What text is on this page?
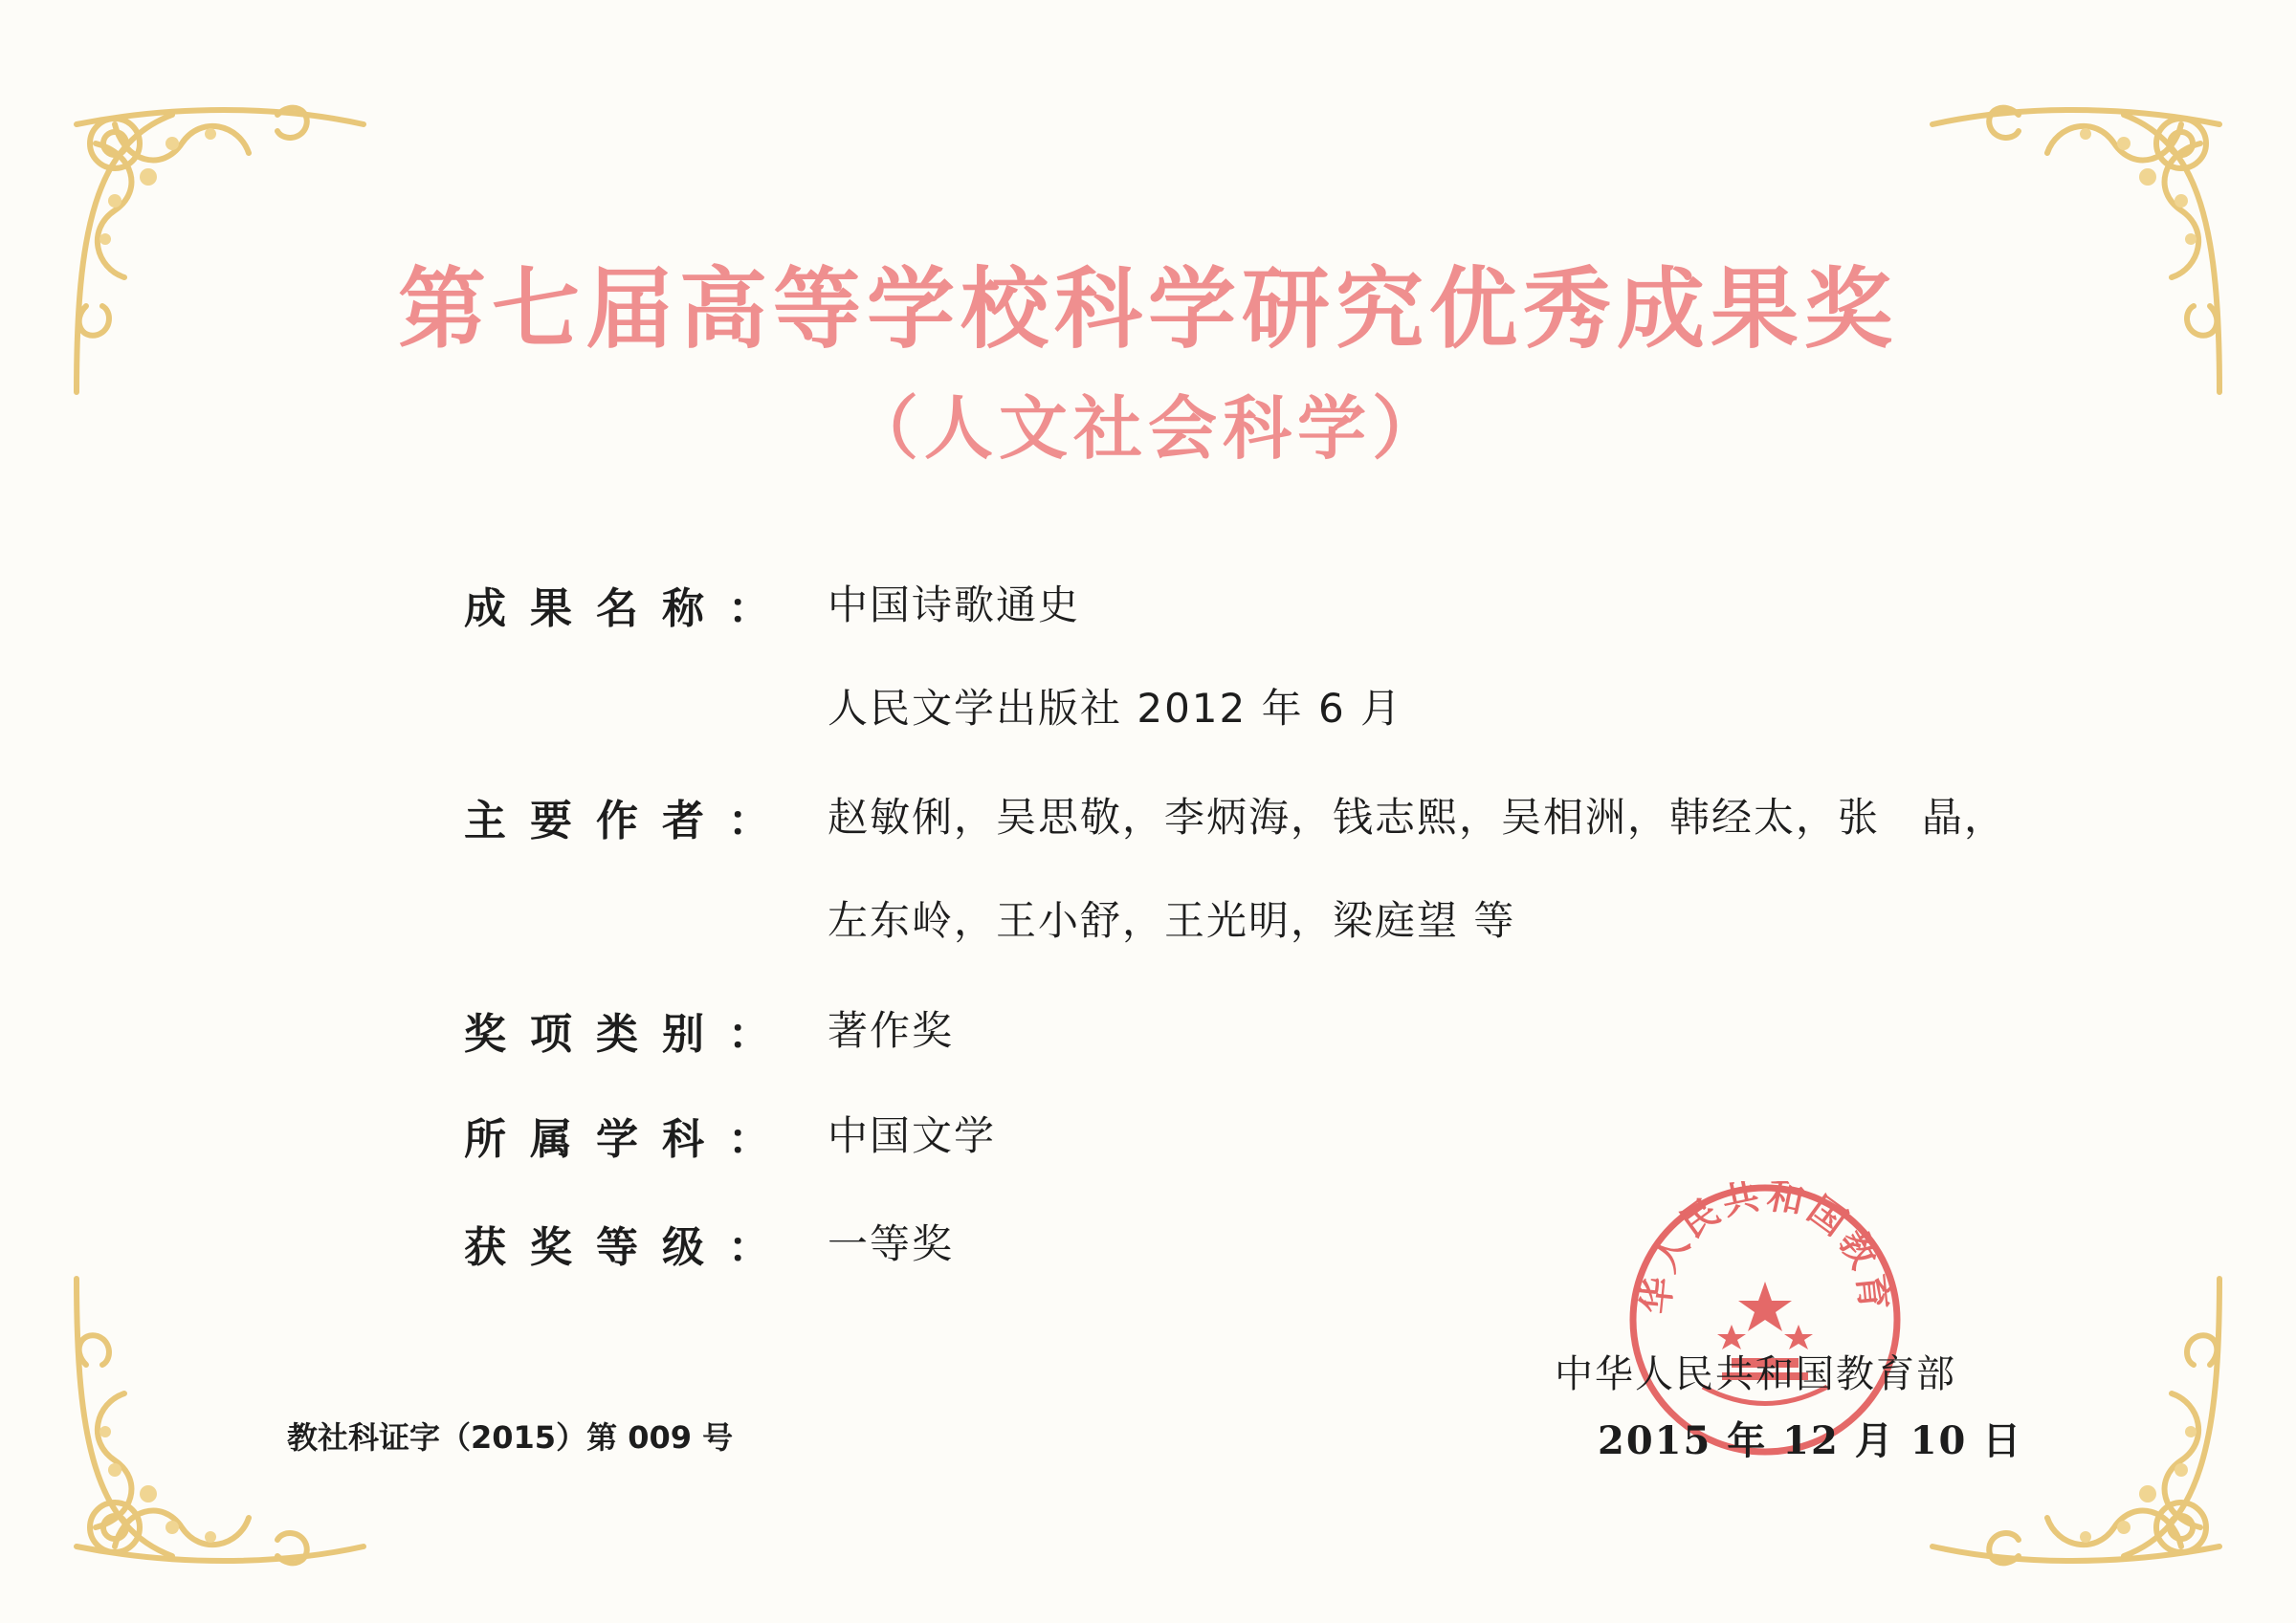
第七届高等学校科学研究优秀成果奖
（人文社会科学）
成 果 名 称 ： 中国诗歌通史
人民文学出版社 2012 年 6 月
主 要 作 者 ： 赵敏俐，吴思敬，李炳海，钱志熙，吴相洲，韩经太，张　晶，
左东岭，王小舒，王光明，梁庭望 等
奖 项 类 别 ： 著作奖
所 属 学 科 ： 中国文学
获 奖 等 级 ： 一等奖
华人民共和国教育
教社科证字（2015）第 009 号
中华人民共和国教育部
2015 年 12 月 10 日
